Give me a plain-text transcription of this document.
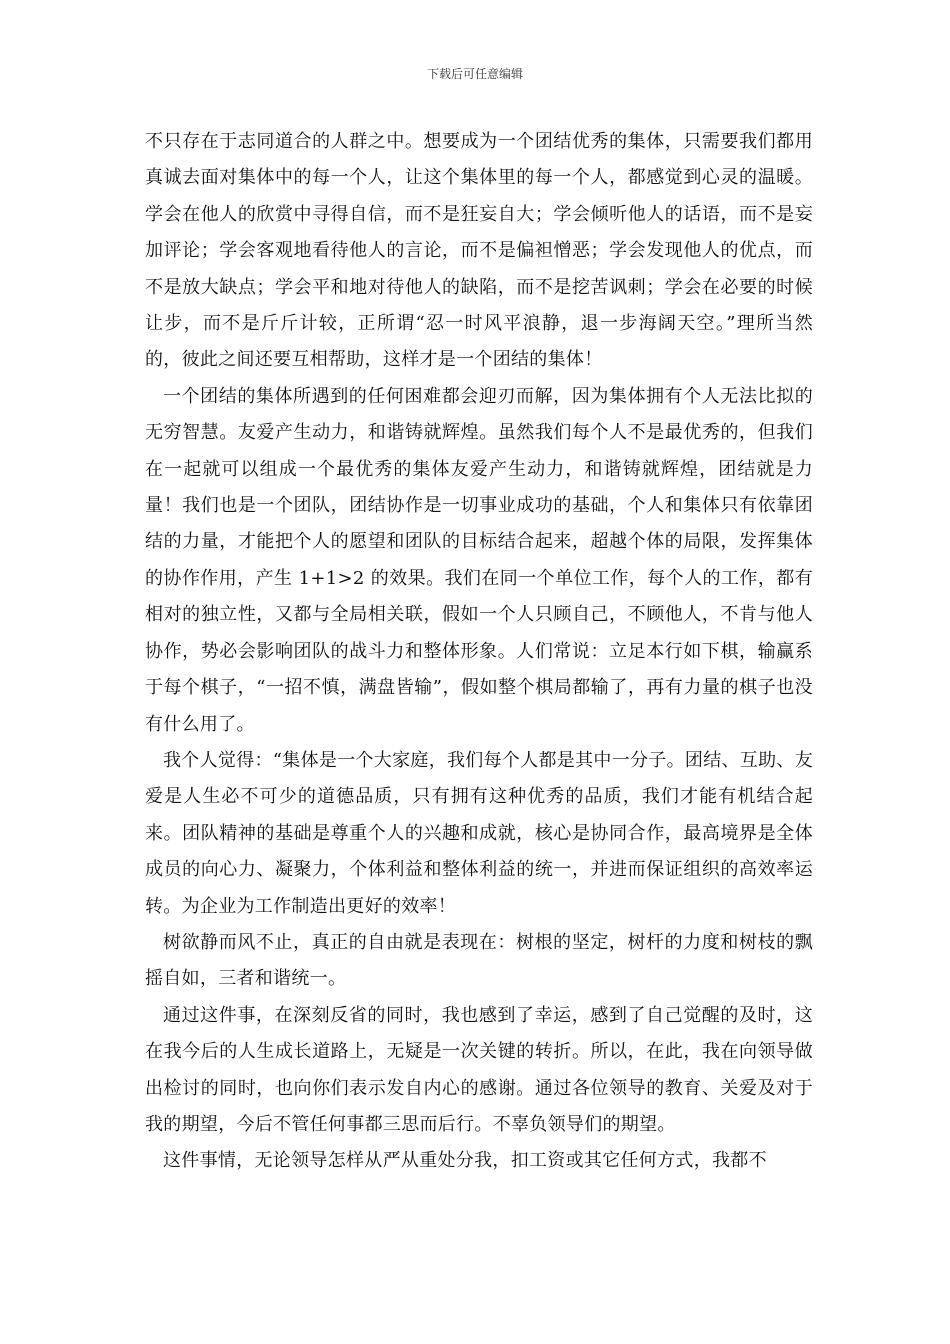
下载后可任意编辑

不只存在于志同道合的人群之中。想要成为一个团结优秀的集体，只需要我们都用真诚去面对集体中的每一个人，让这个集体里的每一个人，都感觉到心灵的温暖。学会在他人的欣赏中寻得自信，而不是狂妄自大；学会倾听他人的话语，而不是妄加评论；学会客观地看待他人的言论，而不是偏袒憎恶；学会发现他人的优点，而不是放大缺点；学会平和地对待他人的缺陷，而不是挖苦讽刺；学会在必要的时候让步，而不是斤斤计较，正所谓“忍一时风平浪静，退一步海阔天空。”理所当然的，彼此之间还要互相帮助，这样才是一个团结的集体！

一个团结的集体所遇到的任何困难都会迎刃而解，因为集体拥有个人无法比拟的无穷智慧。友爱产生动力，和谐铸就辉煌。虽然我们每个人不是最优秀的，但我们在一起就可以组成一个最优秀的集体友爱产生动力，和谐铸就辉煌，团结就是力量！我们也是一个团队，团结协作是一切事业成功的基础，个人和集体只有依靠团结的力量，才能把个人的愿望和团队的目标结合起来，超越个体的局限，发挥集体的协作作用，产生 1+1>2 的效果。我们在同一个单位工作，每个人的工作，都有相对的独立性，又都与全局相关联，假如一个人只顾自己，不顾他人，不肯与他人协作，势必会影响团队的战斗力和整体形象。人们常说：立足本行如下棋，输赢系于每个棋子，“一招不慎，满盘皆输”，假如整个棋局都输了，再有力量的棋子也没有什么用了。

我个人觉得：“集体是一个大家庭，我们每个人都是其中一分子。团结、互助、友爱是人生必不可少的道德品质，只有拥有这种优秀的品质，我们才能有机结合起来。团队精神的基础是尊重个人的兴趣和成就，核心是协同合作，最高境界是全体成员的向心力、凝聚力，个体利益和整体利益的统一，并进而保证组织的高效率运转。为企业为工作制造出更好的效率！

树欲静而风不止，真正的自由就是表现在：树根的坚定，树杆的力度和树枝的飘摇自如，三者和谐统一。

通过这件事，在深刻反省的同时，我也感到了幸运，感到了自己觉醒的及时，这在我今后的人生成长道路上，无疑是一次关键的转折。所以，在此，我在向领导做出检讨的同时，也向你们表示发自内心的感谢。通过各位领导的教育、关爱及对于我的期望，今后不管任何事都三思而后行。不辜负领导们的期望。

这件事情，无论领导怎样从严从重处分我，扣工资或其它任何方式，我都不
